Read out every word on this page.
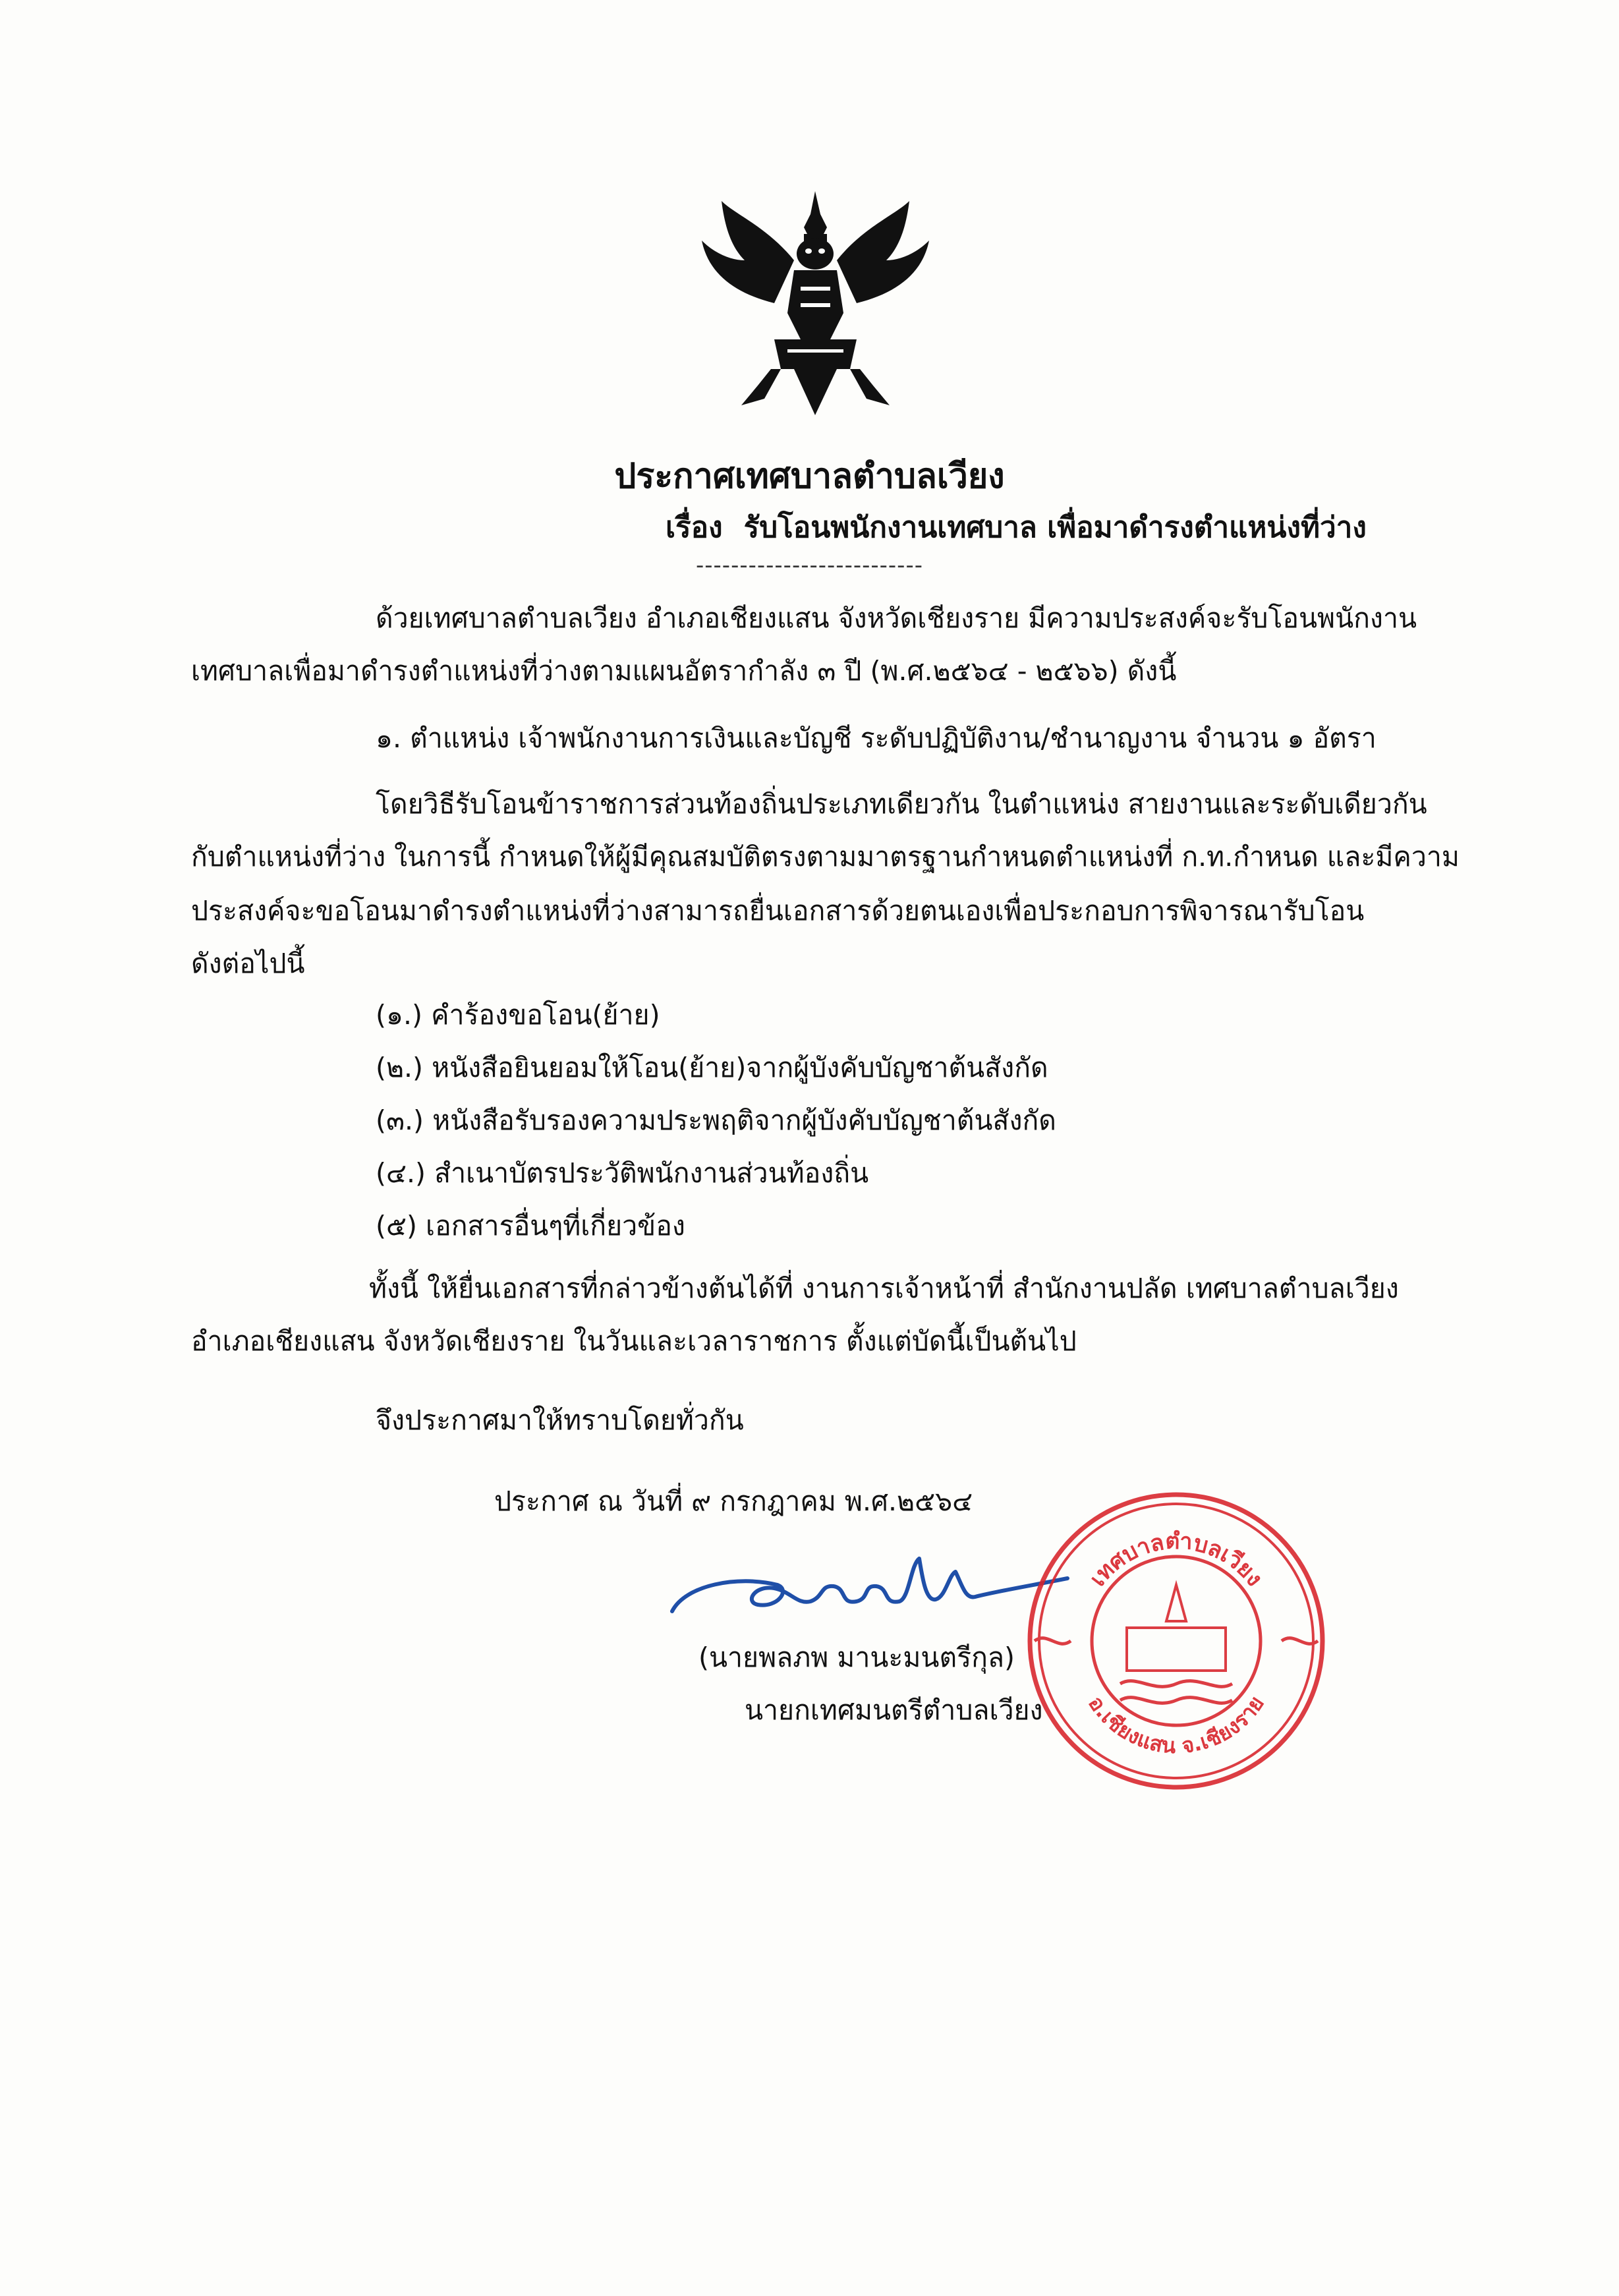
ประกาศเทศบาลตำบลเวียง
เรื่อง รับโอนพนักงานเทศบาล เพื่อมาดำรงตำแหน่งที่ว่าง
--------------------------
ด้วยเทศบาลตำบลเวียง อำเภอเชียงแสน จังหวัดเชียงราย มีความประสงค์จะรับโอนพนักงาน
เทศบาลเพื่อมาดำรงตำแหน่งที่ว่างตามแผนอัตรากำลัง ๓ ปี (พ.ศ.๒๕๖๔ - ๒๕๖๖) ดังนี้
๑. ตำแหน่ง เจ้าพนักงานการเงินและบัญชี ระดับปฏิบัติงาน/ชำนาญงาน จำนวน ๑ อัตรา
โดยวิธีรับโอนข้าราชการส่วนท้องถิ่นประเภทเดียวกัน ในตำแหน่ง สายงานและระดับเดียวกัน
กับตำแหน่งที่ว่าง ในการนี้ กำหนดให้ผู้มีคุณสมบัติตรงตามมาตรฐานกำหนดตำแหน่งที่ ก.ท.กำหนด และมีความ
ประสงค์จะขอโอนมาดำรงตำแหน่งที่ว่างสามารถยื่นเอกสารด้วยตนเองเพื่อประกอบการพิจารณารับโอน
ดังต่อไปนี้
(๑.) คำร้องขอโอน(ย้าย)
(๒.) หนังสือยินยอมให้โอน(ย้าย)จากผู้บังคับบัญชาต้นสังกัด
(๓.) หนังสือรับรองความประพฤติจากผู้บังคับบัญชาต้นสังกัด
(๔.) สำเนาบัตรประวัติพนักงานส่วนท้องถิ่น
(๕) เอกสารอื่นๆที่เกี่ยวข้อง
ทั้งนี้ ให้ยื่นเอกสารที่กล่าวข้างต้นได้ที่ งานการเจ้าหน้าที่ สำนักงานปลัด เทศบาลตำบลเวียง
อำเภอเชียงแสน จังหวัดเชียงราย ในวันและเวลาราชการ ตั้งแต่บัดนี้เป็นต้นไป
จึงประกาศมาให้ทราบโดยทั่วกัน
ประกาศ ณ วันที่ ๙ กรกฎาคม พ.ศ.๒๕๖๔
(นายพลภพ มานะมนตรีกุล)
นายกเทศมนตรีตำบลเวียง
เทศบาลตำบลเวียง
อ.เชียงแสน จ.เชียงราย
